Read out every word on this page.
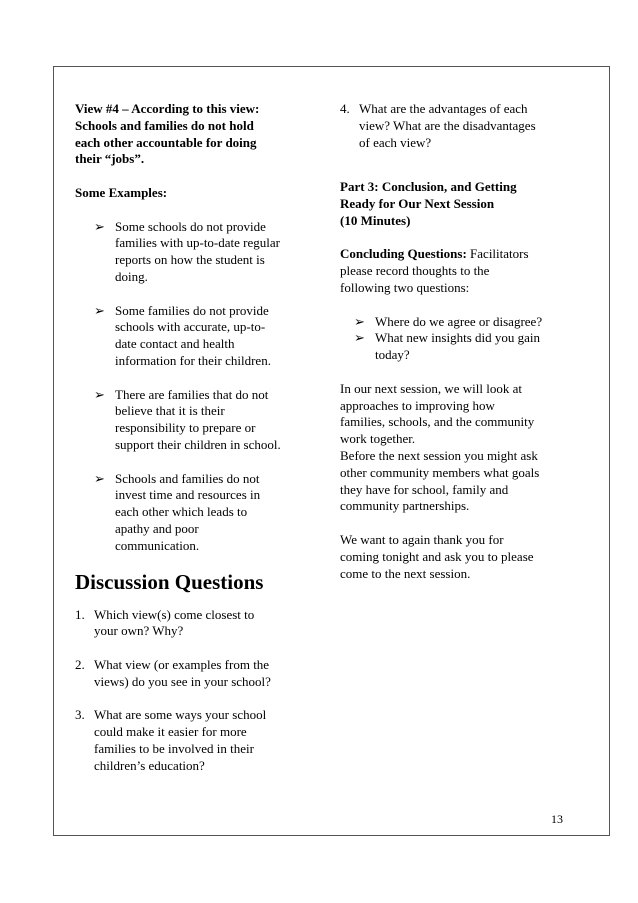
View #4 – According to this view:
Schools and families do not hold
each other accountable for doing
their “jobs”.

Some Examples:

➢ Some schools do not provide
families with up-to-date regular
reports on how the student is
doing.
➢ Some families do not provide
schools with accurate, up-to-
date contact and health
information for their children.
➢ There are families that do not
believe that it is their
responsibility to prepare or
support their children in school.
➢ Schools and families do not
invest time and resources in
each other which leads to
apathy and poor
communication.

Discussion Questions

1. Which view(s) come closest to
your own? Why?
2. What view (or examples from the
views) do you see in your school?
3. What are some ways your school
could make it easier for more
families to be involved in their
children’s education?
4. What are the advantages of each
view? What are the disadvantages
of each view?

Part 3: Conclusion, and Getting
Ready for Our Next Session
(10 Minutes)

Concluding Questions: Facilitators
please record thoughts to the
following two questions:

➢ Where do we agree or disagree?
➢ What new insights did you gain
today?

In our next session, we will look at
approaches to improving how
families, schools, and the community
work together.
Before the next session you might ask
other community members what goals
they have for school, family and
community partnerships.

We want to again thank you for
coming tonight and ask you to please
come to the next session.

13
